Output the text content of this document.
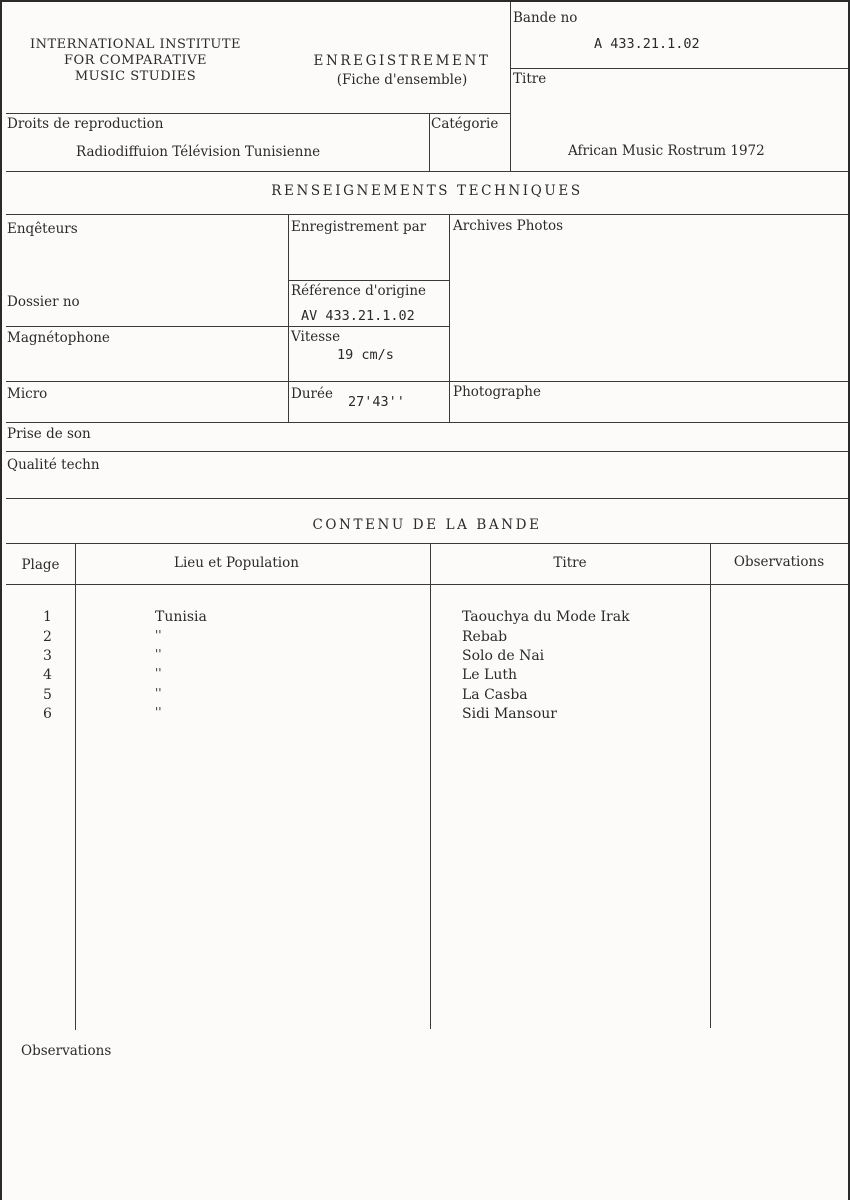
INTERNATIONAL INSTITUTE
FOR COMPARATIVE
MUSIC STUDIES
ENREGISTREMENT
(Fiche d'ensemble)
Bande no
A 433.21.1.02
Titre
African Music Rostrum 1972
Droits de reproduction
Radiodiffuion Télévision Tunisienne
Catégorie
RENSEIGNEMENTS TECHNIQUES
Enqêteurs	Enregistrement par Archives Photos
Référence d'origine
AV 433.21.1.02
Dossier no
Magnétophone	Vitesse
19 cm/s
Micro	Durée 27'43''
Photographe
Prise de son
Qualité techn
CONTENU DE LA BANDE
Plage	Lieu et Population	Titre	Observations
1	Tunisia	Taouchya du Mode Irak
2	''	Rebab
3	''	Solo de Nai
4	''	Le Luth
5	''	La Casba
6	''	Sidi Mansour
Observations
